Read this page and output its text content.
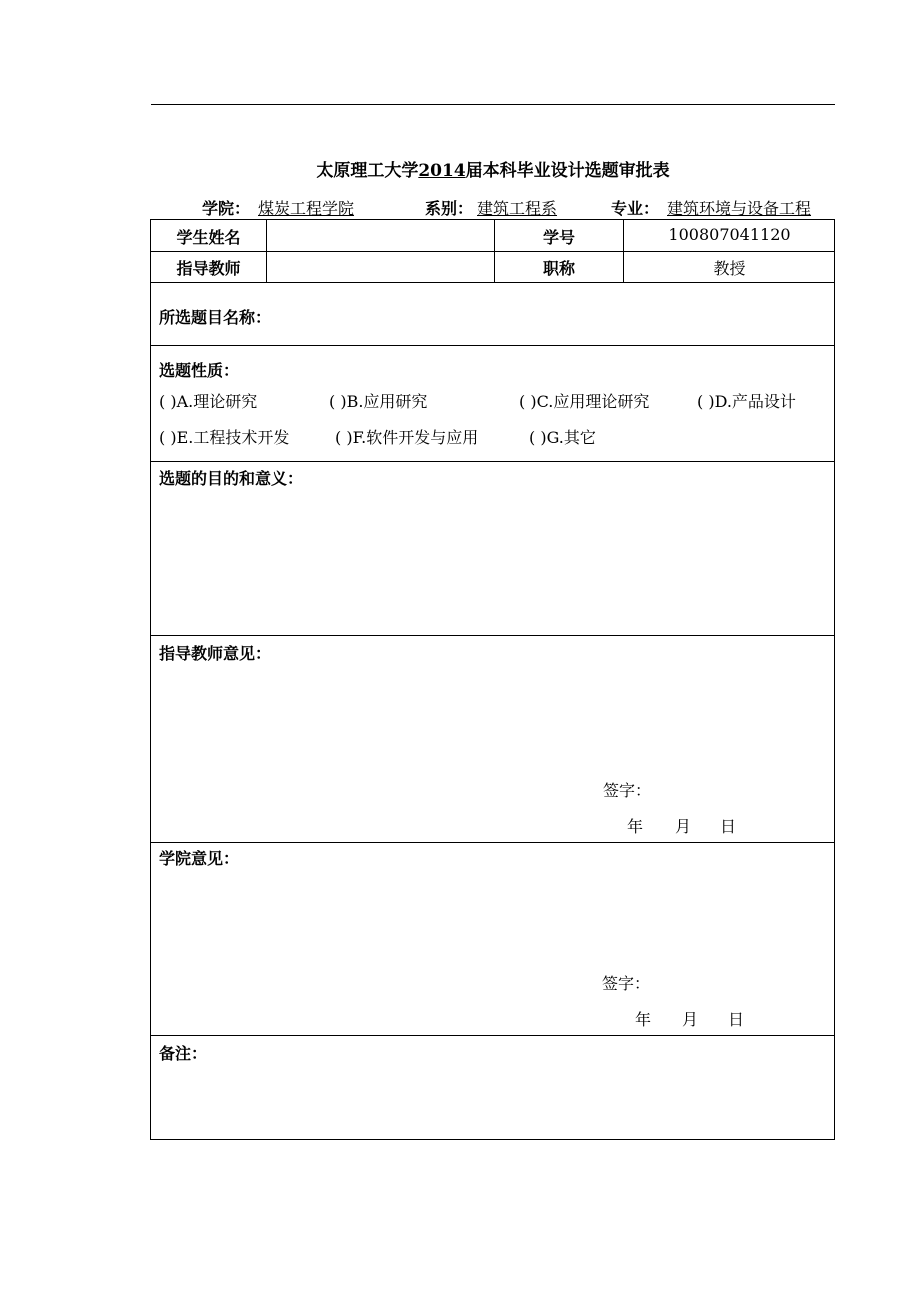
太原理工大学2014届本科毕业设计选题审批表
学院： 煤炭工程学院	系别： 建筑工程系	专业： 建筑环境与设备工程
学生姓名	学号	100807041120
指导教师	职称	教授
所选题目名称：
选题性质：
( )A.理论研究	( )B.应用研究	( )C.应用理论研究	( )D.产品设计
( )E.工程技术开发	( )F.软件开发与应用	( )G.其它
选题的目的和意义：
指导教师意见：
签字：
年 月 日
学院意见：
签字：
年 月 日
备注：
